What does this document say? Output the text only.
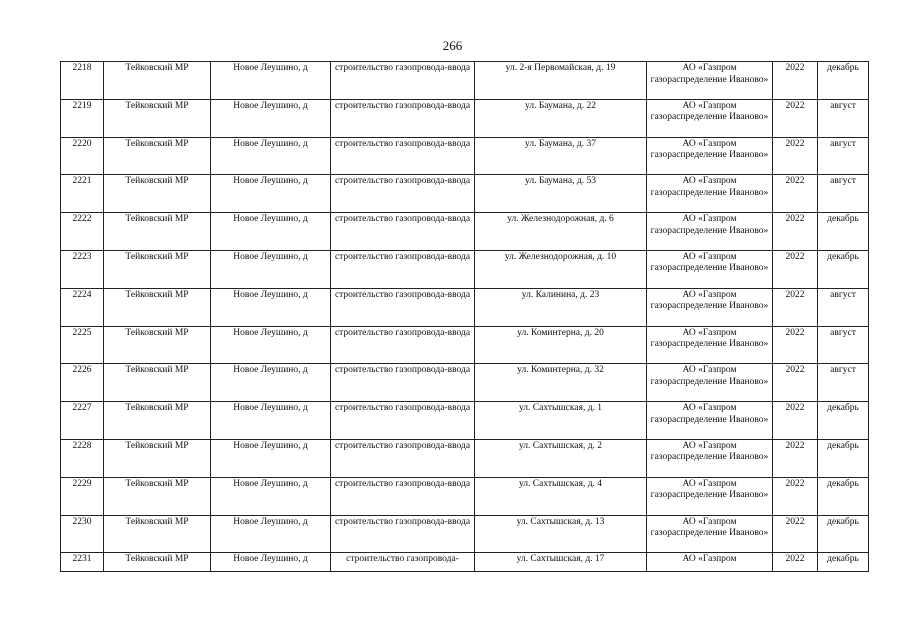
266
2218	Тейковский МР	Новое Леушино, д	строительство газопровода-ввода	ул. 2-я Первомайская, д. 19	АО «Газпром газораспределение Иваново»	2022	декабрь
2219	Тейковский МР	Новое Леушино, д	строительство газопровода-ввода	ул. Баумана, д. 22	АО «Газпром газораспределение Иваново»	2022	август
2220	Тейковский МР	Новое Леушино, д	строительство газопровода-ввода	ул. Баумана, д. 37	АО «Газпром газораспределение Иваново»	2022	август
2221	Тейковский МР	Новое Леушино, д	строительство газопровода-ввода	ул. Баумана, д. 53	АО «Газпром газораспределение Иваново»	2022	август
2222	Тейковский МР	Новое Леушино, д	строительство газопровода-ввода	ул. Железнодорожная, д. 6	АО «Газпром газораспределение Иваново»	2022	декабрь
2223	Тейковский МР	Новое Леушино, д	строительство газопровода-ввода	ул. Железнодорожная, д. 10	АО «Газпром газораспределение Иваново»	2022	декабрь
2224	Тейковский МР	Новое Леушино, д	строительство газопровода-ввода	ул. Калинина, д. 23	АО «Газпром газораспределение Иваново»	2022	август
2225	Тейковский МР	Новое Леушино, д	строительство газопровода-ввода	ул. Коминтерна, д. 20	АО «Газпром газораспределение Иваново»	2022	август
2226	Тейковский МР	Новое Леушино, д	строительство газопровода-ввода	ул. Коминтерна, д. 32	АО «Газпром газораспределение Иваново»	2022	август
2227	Тейковский МР	Новое Леушино, д	строительство газопровода-ввода	ул. Сахтышская, д. 1	АО «Газпром газораспределение Иваново»	2022	декабрь
2228	Тейковский МР	Новое Леушино, д	строительство газопровода-ввода	ул. Сахтышская, д. 2	АО «Газпром газораспределение Иваново»	2022	декабрь
2229	Тейковский МР	Новое Леушино, д	строительство газопровода-ввода	ул. Сахтышская, д. 4	АО «Газпром газораспределение Иваново»	2022	декабрь
2230	Тейковский МР	Новое Леушино, д	строительство газопровода-ввода	ул. Сахтышская, д. 13	АО «Газпром газораспределение Иваново»	2022	декабрь
2231	Тейковский МР	Новое Леушино, д	строительство газопровода-	ул. Сахтышская, д. 17	АО «Газпром	2022	декабрь
